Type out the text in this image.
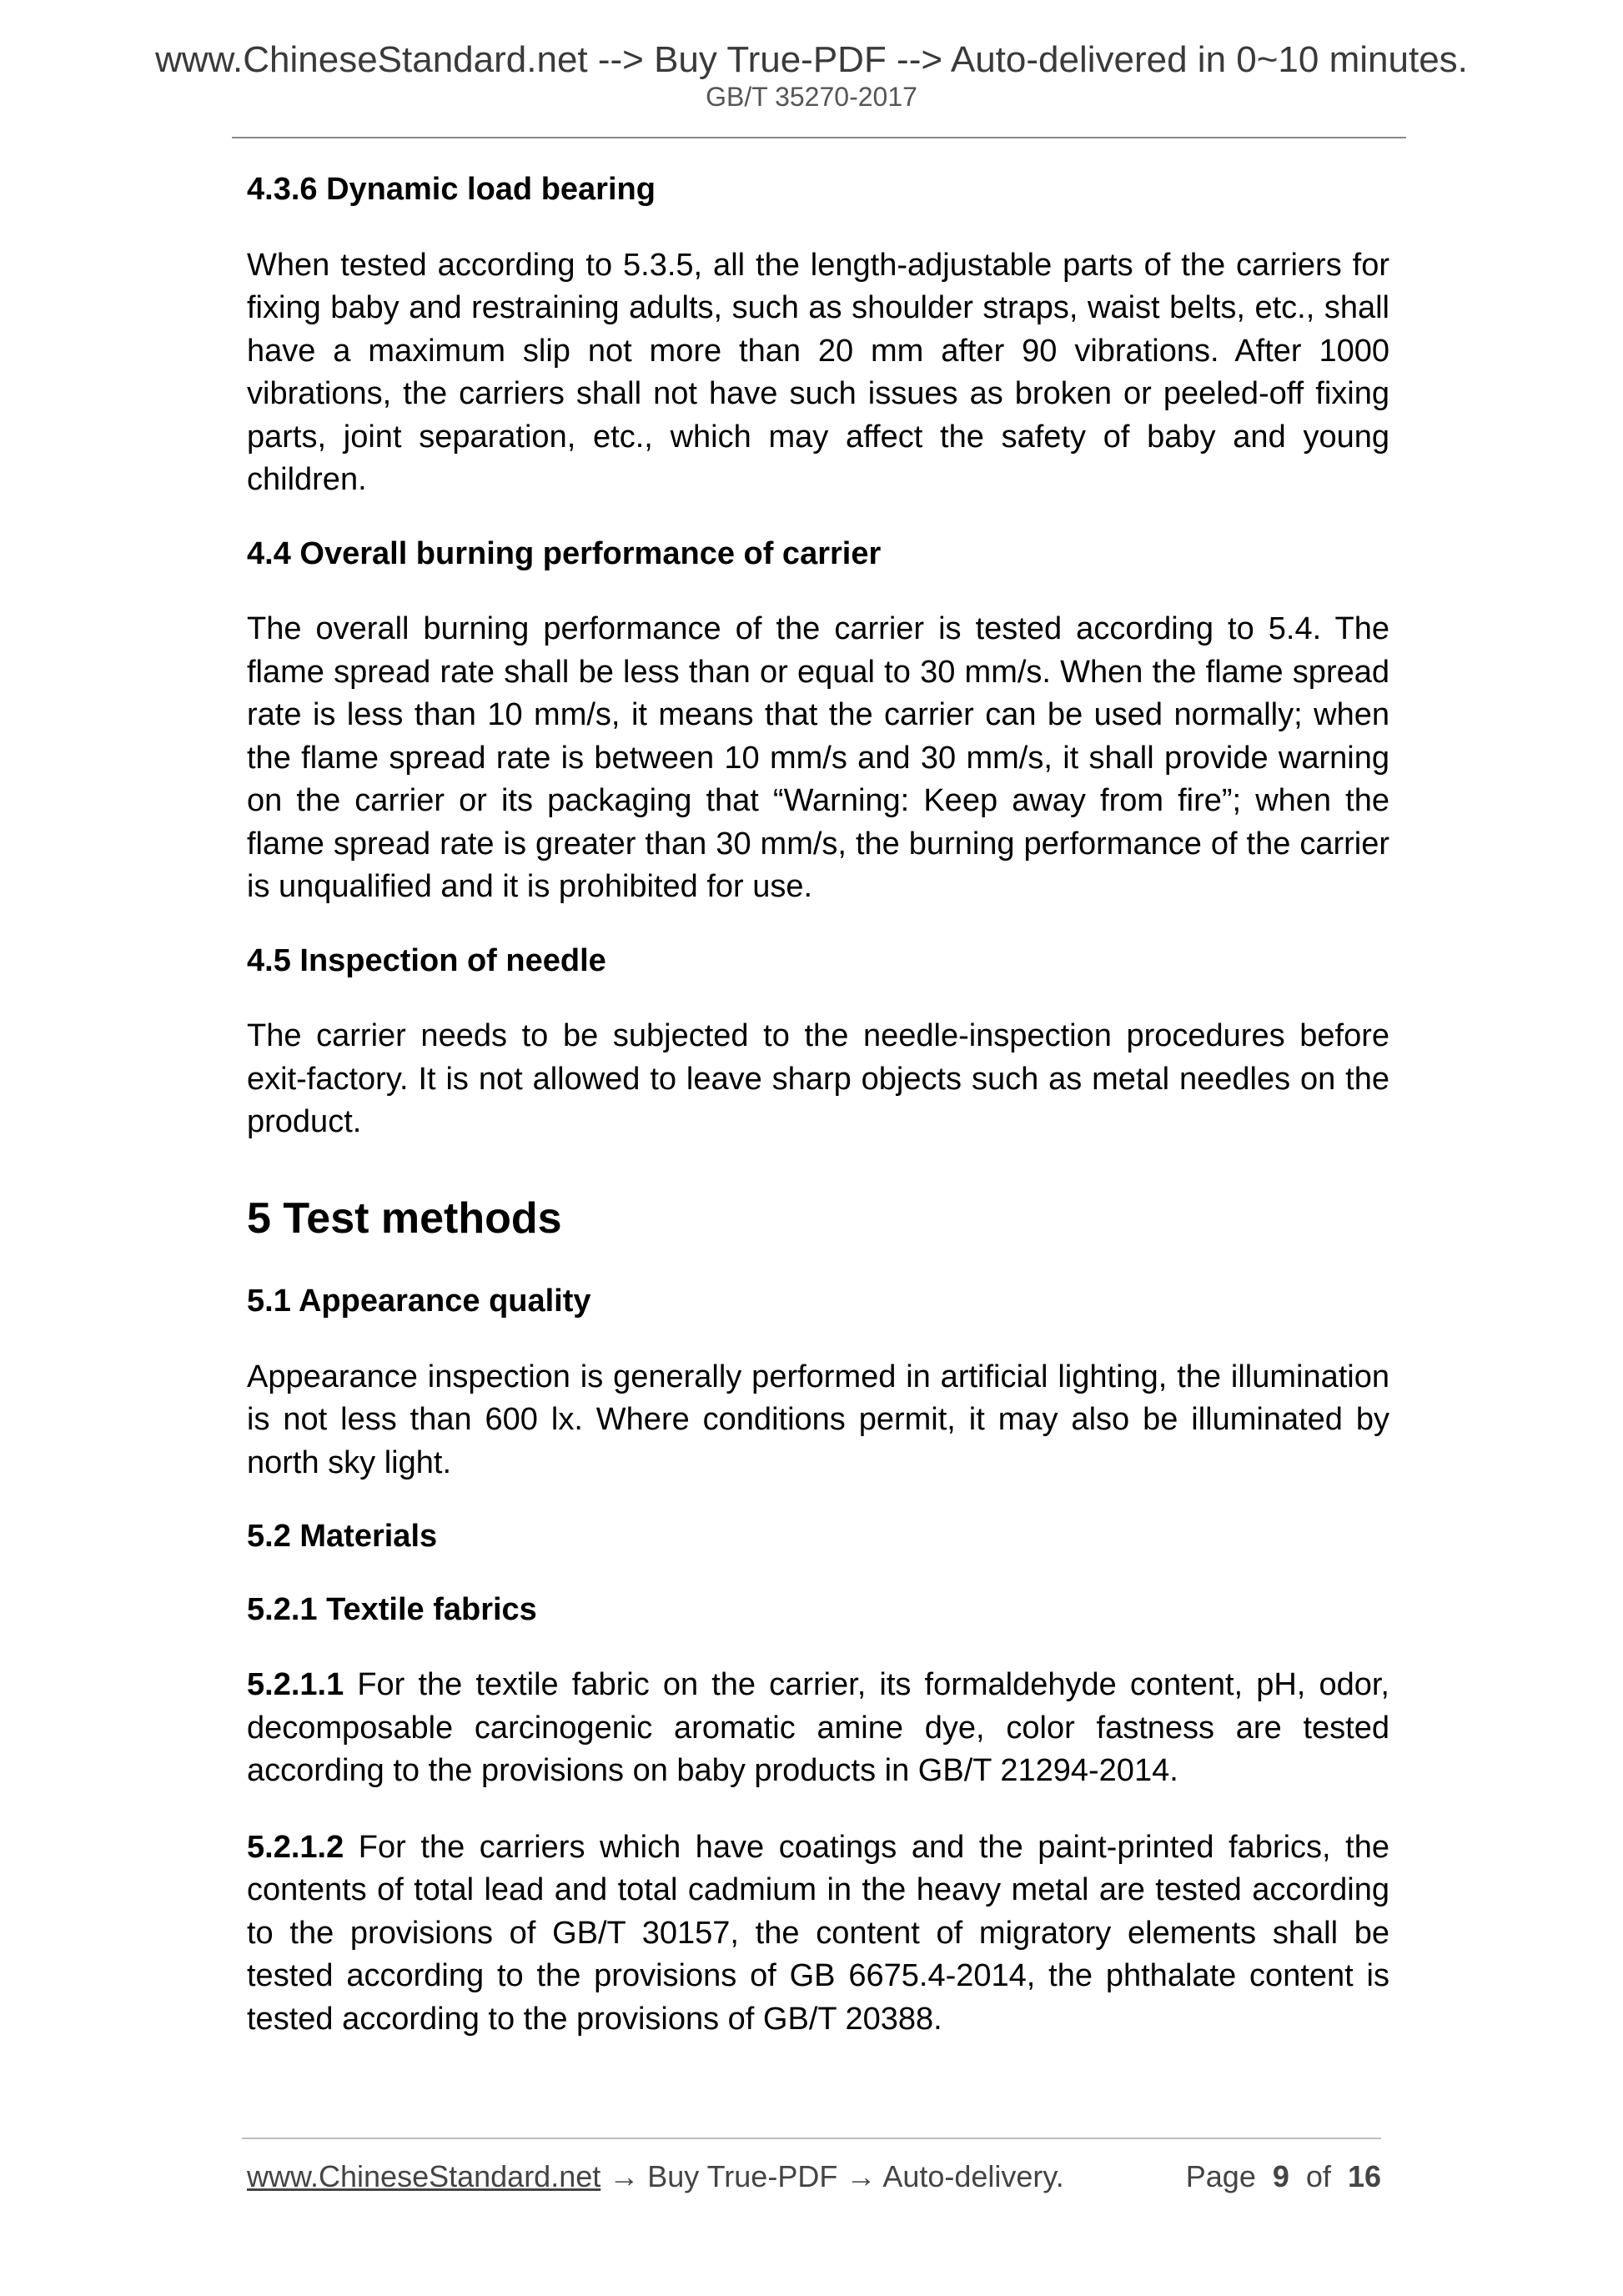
www.ChineseStandard.net --> Buy True-PDF --> Auto-delivered in 0~10 minutes.
GB/T 35270-2017
4.3.6 Dynamic load bearing

When tested according to 5.3.5, all the length-adjustable parts of the carriers for fixing baby and restraining adults, such as shoulder straps, waist belts, etc., shall have a maximum slip not more than 20 mm after 90 vibrations. After 1000 vibrations, the carriers shall not have such issues as broken or peeled-off fixing parts, joint separation, etc., which may affect the safety of baby and young children.

4.4 Overall burning performance of carrier

The overall burning performance of the carrier is tested according to 5.4. The flame spread rate shall be less than or equal to 30 mm/s. When the flame spread rate is less than 10 mm/s, it means that the carrier can be used normally; when the flame spread rate is between 10 mm/s and 30 mm/s, it shall provide warning on the carrier or its packaging that “Warning: Keep away from fire”; when the flame spread rate is greater than 30 mm/s, the burning performance of the carrier is unqualified and it is prohibited for use.

4.5 Inspection of needle

The carrier needs to be subjected to the needle-inspection procedures before exit-factory. It is not allowed to leave sharp objects such as metal needles on the product.

5 Test methods
5.1 Appearance quality

Appearance inspection is generally performed in artificial lighting, the illumination is not less than 600 lx. Where conditions permit, it may also be illuminated by north sky light.

5.2 Materials
5.2.1 Textile fabrics

5.2.1.1 For the textile fabric on the carrier, its formaldehyde content, pH, odor, decomposable carcinogenic aromatic amine dye, color fastness are tested according to the provisions on baby products in GB/T 21294-2014.

5.2.1.2 For the carriers which have coatings and the paint-printed fabrics, the contents of total lead and total cadmium in the heavy metal are tested according to the provisions of GB/T 30157, the content of migratory elements shall be tested according to the provisions of GB 6675.4-2014, the phthalate content is tested according to the provisions of GB/T 20388.

www.ChineseStandard.net → Buy True-PDF → Auto-delivery.	Page 9 of 16
